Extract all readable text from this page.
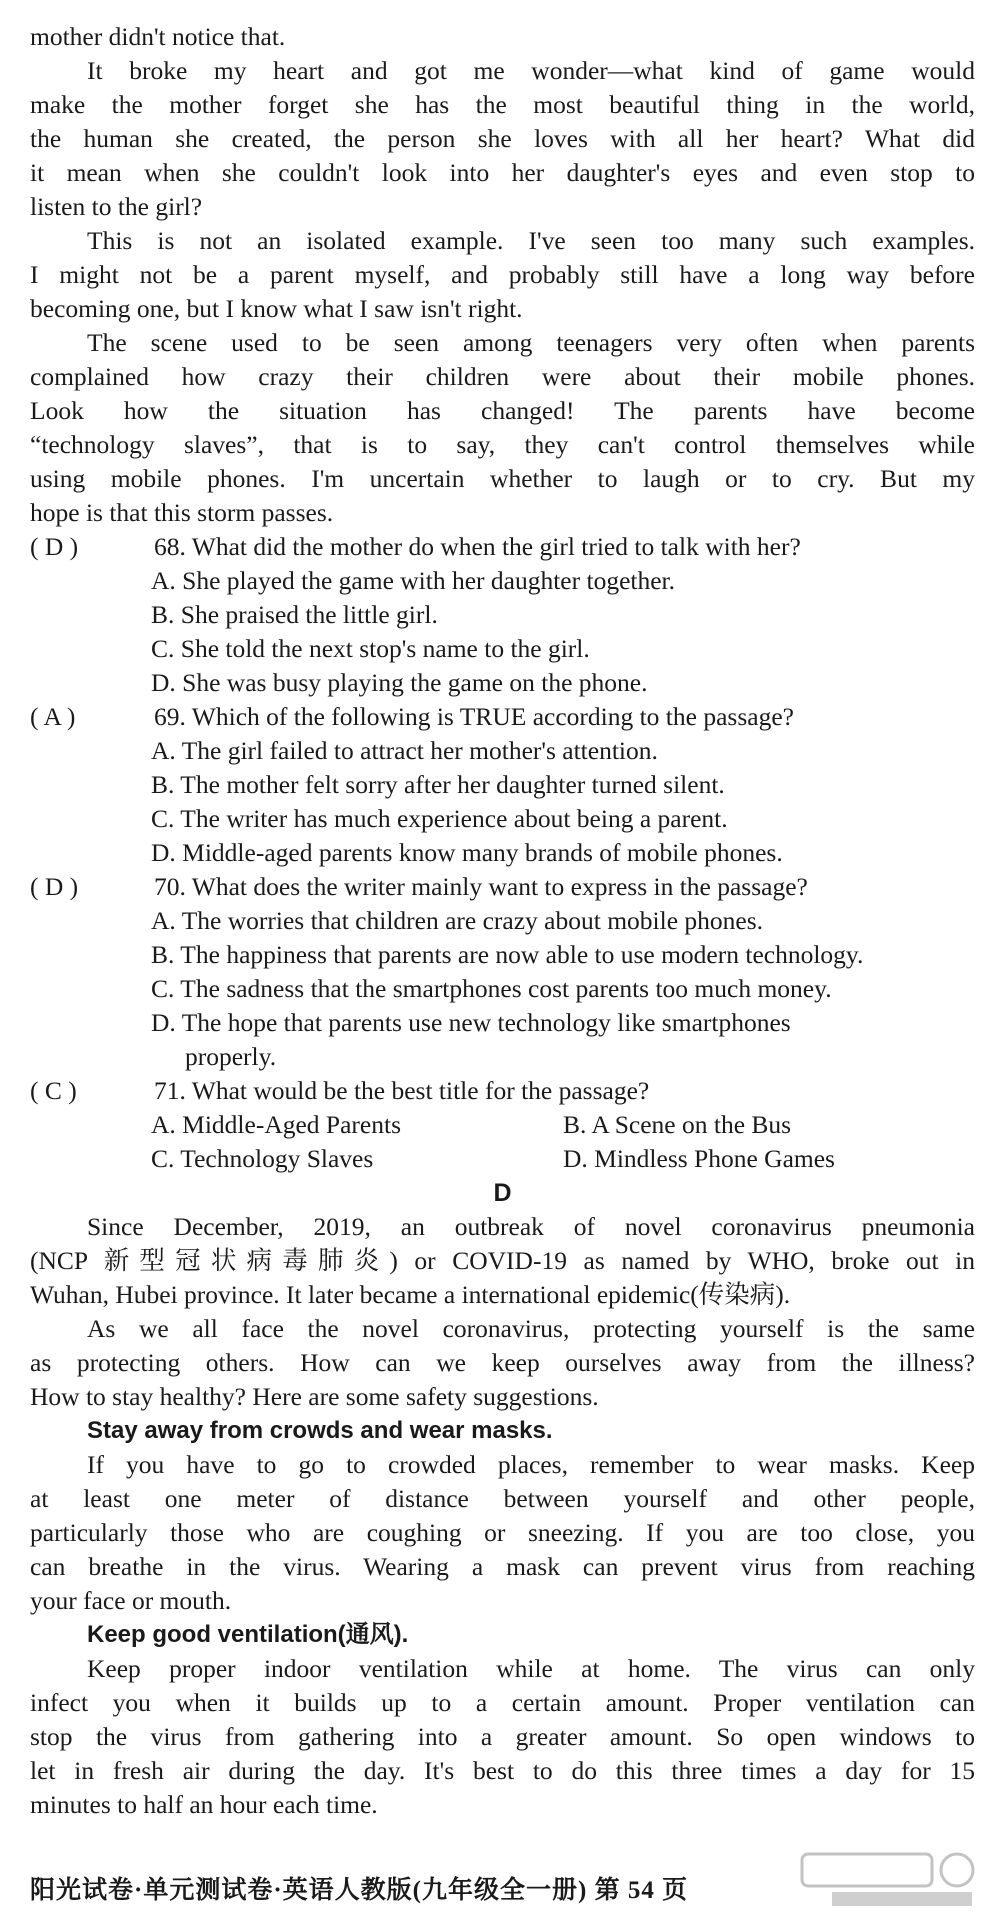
mother didn't notice that.
It broke my heart and got me wonder—what kind of game would
make the mother forget she has the most beautiful thing in the world,
the human she created, the person she loves with all her heart? What did
it mean when she couldn't look into her daughter's eyes and even stop to
listen to the girl?
This is not an isolated example. I've seen too many such examples.
I might not be a parent myself, and probably still have a long way before
becoming one, but I know what I saw isn't right.
The scene used to be seen among teenagers very often when parents
complained how crazy their children were about their mobile phones.
Look how the situation has changed! The parents have become
“technology slaves”, that is to say, they can't control themselves while
using mobile phones. I'm uncertain whether to laugh or to cry. But my
hope is that this storm passes.
( D )	68. What did the mother do when the girl tried to talk with her?
A. She played the game with her daughter together.
B. She praised the little girl.
C. She told the next stop's name to the girl.
D. She was busy playing the game on the phone.
( A )	69. Which of the following is TRUE according to the passage?
A. The girl failed to attract her mother's attention.
B. The mother felt sorry after her daughter turned silent.
C. The writer has much experience about being a parent.
D. Middle-aged parents know many brands of mobile phones.
( D )	70. What does the writer mainly want to express in the passage?
A. The worries that children are crazy about mobile phones.
B. The happiness that parents are now able to use modern technology.
C. The sadness that the smartphones cost parents too much money.
D. The hope that parents use new technology like smartphones
properly.
( C )	71. What would be the best title for the passage?
A. Middle-Aged Parents	B. A Scene on the Bus
C. Technology Slaves	D. Mindless Phone Games
D
Since December, 2019, an outbreak of novel coronavirus pneumonia
(NCP 新型冠状病毒肺炎) or COVID-19 as named by WHO, broke out in
Wuhan, Hubei province. It later became a international epidemic(传染病).
As we all face the novel coronavirus, protecting yourself is the same
as protecting others. How can we keep ourselves away from the illness?
How to stay healthy? Here are some safety suggestions.
Stay away from crowds and wear masks.
If you have to go to crowded places, remember to wear masks. Keep
at least one meter of distance between yourself and other people,
particularly those who are coughing or sneezing. If you are too close, you
can breathe in the virus. Wearing a mask can prevent virus from reaching
your face or mouth.
Keep good ventilation(通风).
Keep proper indoor ventilation while at home. The virus can only
infect you when it builds up to a certain amount. Proper ventilation can
stop the virus from gathering into a greater amount. So open windows to
let in fresh air during the day. It's best to do this three times a day for 15
minutes to half an hour each time.
阳光试卷·单元测试卷·英语人教版(九年级全一册) 第 54 页
